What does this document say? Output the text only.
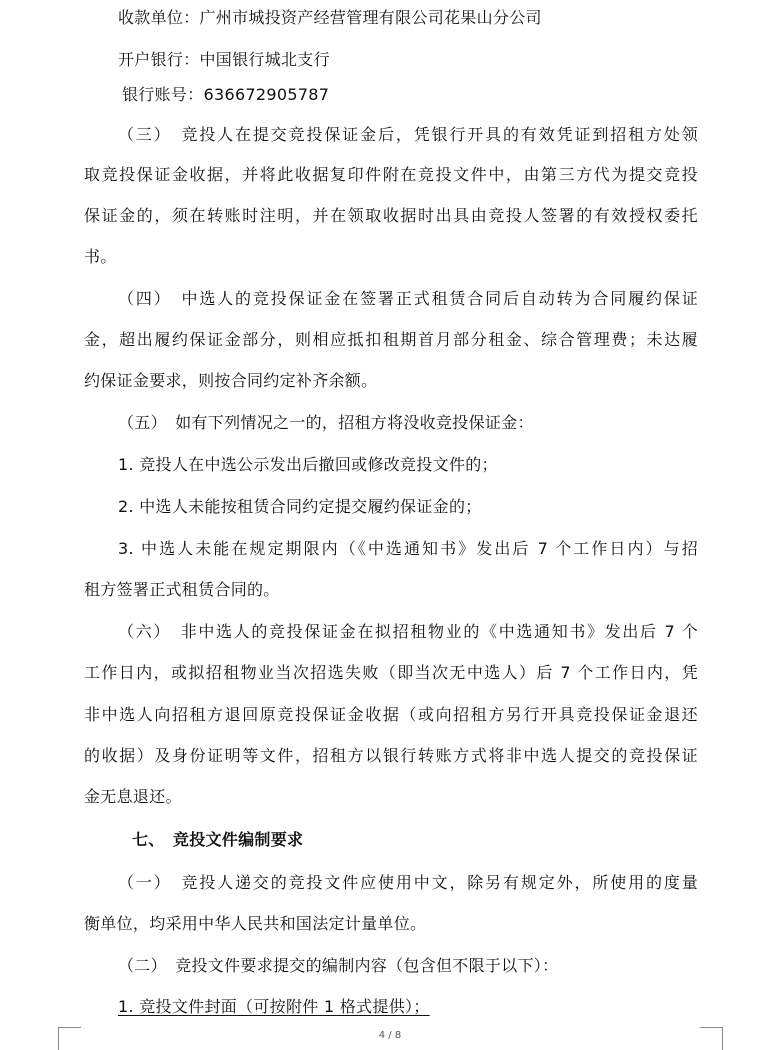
收款单位：广州市城投资产经营管理有限公司花果山分公司
开户银行：中国银行城北支行
银行账号：636672905787
（三）　竞投人在提交竞投保证金后，凭银行开具的有效凭证到招租方处领
取竞投保证金收据，并将此收据复印件附在竞投文件中，由第三方代为提交竞投
保证金的，须在转账时注明，并在领取收据时出具由竞投人签署的有效授权委托
书。
（四）　中选人的竞投保证金在签署正式租赁合同后自动转为合同履约保证
金，超出履约保证金部分，则相应抵扣租期首月部分租金、综合管理费；未达履
约保证金要求，则按合同约定补齐余额。
（五）　如有下列情况之一的，招租方将没收竞投保证金：
1. 竞投人在中选公示发出后撤回或修改竞投文件的；
2. 中选人未能按租赁合同约定提交履约保证金的；
3. 中选人未能在规定期限内（《中选通知书》发出后 7 个工作日内）与招
租方签署正式租赁合同的。
（六）　非中选人的竞投保证金在拟招租物业的《中选通知书》发出后 7 个
工作日内，或拟招租物业当次招选失败（即当次无中选人）后 7 个工作日内，凭
非中选人向招租方退回原竞投保证金收据（或向招租方另行开具竞投保证金退还
的收据）及身份证明等文件，招租方以银行转账方式将非中选人提交的竞投保证
金无息退还。
七、　竞投文件编制要求
（一）　竞投人递交的竞投文件应使用中文，除另有规定外，所使用的度量
衡单位，均采用中华人民共和国法定计量单位。
（二）　竞投文件要求提交的编制内容（包含但不限于以下）：
1. 竞投文件封面（可按附件 1 格式提供）；
4 / 8
